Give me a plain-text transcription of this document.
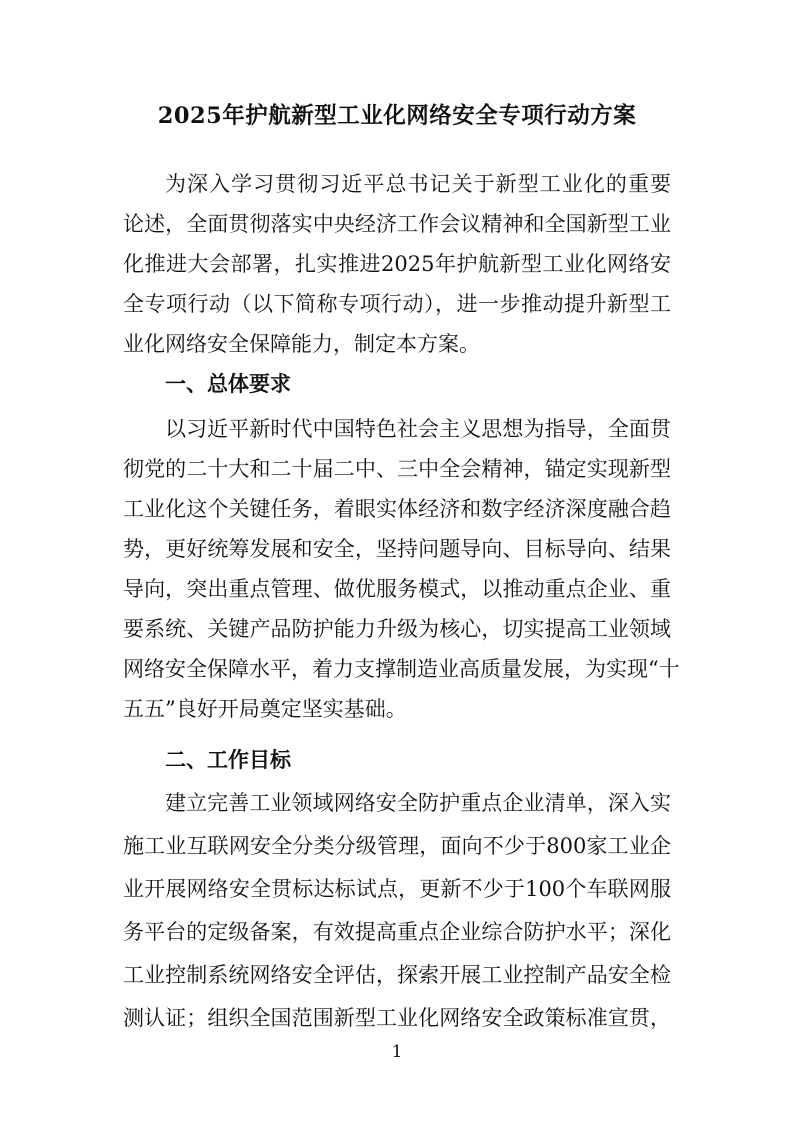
2025年护航新型工业化网络安全专项行动方案
为深入学习贯彻习近平总书记关于新型工业化的重要
论述，全面贯彻落实中央经济工作会议精神和全国新型工业
化推进大会部署，扎实推进2025年护航新型工业化网络安
全专项行动（以下简称专项行动），进一步推动提升新型工
业化网络安全保障能力，制定本方案。
一、总体要求
以习近平新时代中国特色社会主义思想为指导，全面贯
彻党的二十大和二十届二中、三中全会精神，锚定实现新型
工业化这个关键任务，着眼实体经济和数字经济深度融合趋
势，更好统筹发展和安全，坚持问题导向、目标导向、结果
导向，突出重点管理、做优服务模式，以推动重点企业、重
要系统、关键产品防护能力升级为核心，切实提高工业领域
网络安全保障水平，着力支撑制造业高质量发展，为实现“十
五五”良好开局奠定坚实基础。
二、工作目标
建立完善工业领域网络安全防护重点企业清单，深入实
施工业互联网安全分类分级管理，面向不少于800家工业企
业开展网络安全贯标达标试点，更新不少于100个车联网服
务平台的定级备案，有效提高重点企业综合防护水平；深化
工业控制系统网络安全评估，探索开展工业控制产品安全检
测认证；组织全国范围新型工业化网络安全政策标准宣贯，
1
